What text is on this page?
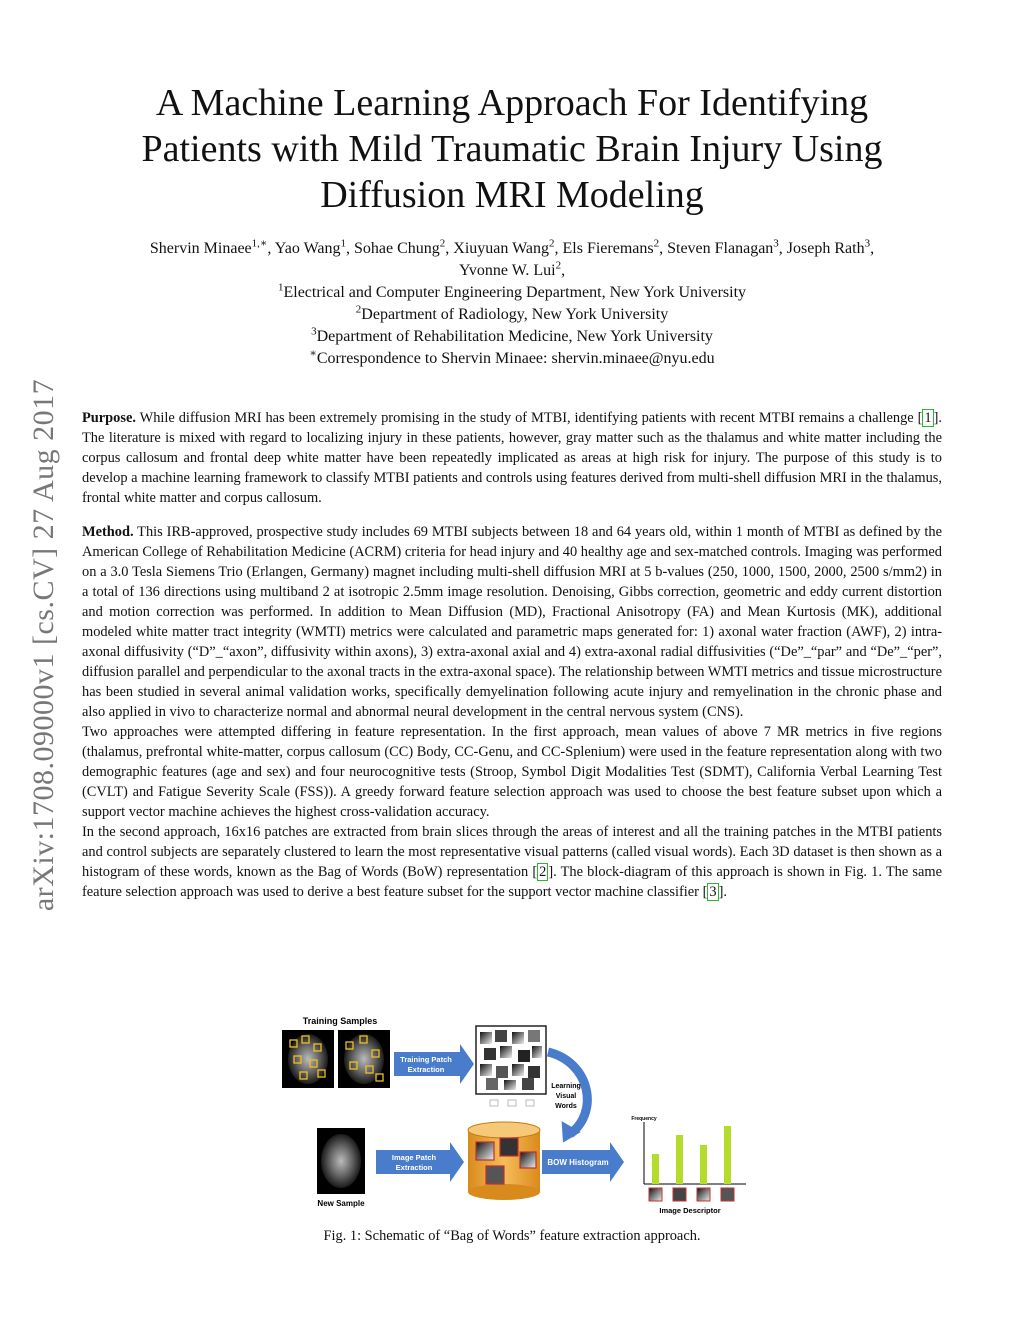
arXiv:1708.09000v1 [cs.CV] 27 Aug 2017
A Machine Learning Approach For Identifying
Patients with Mild Traumatic Brain Injury Using
Diffusion MRI Modeling
Shervin Minaee$^{1,∗}$, Yao Wang$^1$, Sohae Chung$^2$, Xiuyuan Wang$^2$, Els Fieremans$^2$, Steven Flanagan$^3$, Joseph Rath$^3$,
Yvonne W. Lui$^2$,
$^1$Electrical and Computer Engineering Department, New York University
$^2$Department of Radiology, New York University
$^3$Department of Rehabilitation Medicine, New York University
∗Correspondence to Shervin Minaee: shervin.minaee@nyu.edu

Purpose. While diffusion MRI has been extremely promising in the study of MTBI, identifying patients with recent MTBI remains a challenge [ 1 ]. The literature is mixed with regard to localizing injury in these patients, however, gray matter such as the thalamus and white matter including the corpus callosum and frontal deep white matter have been repeatedly implicated as areas at high risk for injury. The purpose of this study is to develop a machine learning framework to classify MTBI patients and controls using features derived from multi-shell diffusion MRI in the thalamus, frontal white matter and corpus callosum.

Method. This IRB-approved, prospective study includes 69 MTBI subjects between 18 and 64 years old, within 1 month of MTBI as defined by the American College of Rehabilitation Medicine (ACRM) criteria for head injury and 40 healthy age and sex-matched controls. Imaging was performed on a 3.0 Tesla Siemens Trio (Erlangen, Germany) magnet including multi-shell diffusion MRI at 5 b-values (250, 1000, 1500, 2000, 2500 s/mm2) in a total of 136 directions using multiband 2 at isotropic 2.5mm image resolution. Denoising, Gibbs correction, geometric and eddy current distortion and motion correction was performed. In addition to Mean Diffusion (MD), Fractional Anisotropy (FA) and Mean Kurtosis (MK), additional modeled white matter tract integrity (WMTI) metrics were calculated and parametric maps generated for: 1) axonal water fraction (AWF), 2) intra-axonal diffusivity (“D”_“axon”, diffusivity within axons), 3) extra-axonal axial and 4) extra-axonal radial diffusivities (“De”_“par” and “De”_“per”, diffusion parallel and perpendicular to the axonal tracts in the extra-axonal space). The relationship between WMTI metrics and tissue microstructure has been studied in several animal validation works, specifically demyelination following acute injury and remyelination in the chronic phase and also applied in vivo to characterize normal and abnormal neural development in the central nervous system (CNS).

Two approaches were attempted differing in feature representation. In the first approach, mean values of above 7 MR metrics in five regions (thalamus, prefrontal white-matter, corpus callosum (CC) Body, CC-Genu, and CC-Splenium) were used in the feature representation along with two demographic features (age and sex) and four neurocognitive tests (Stroop, Symbol Digit Modalities Test (SDMT), California Verbal Learning Test (CVLT) and Fatigue Severity Scale (FSS)). A greedy forward feature selection approach was used to choose the best feature subset upon which a support vector machine achieves the highest cross-validation accuracy.

In the second approach, 16x16 patches are extracted from brain slices through the areas of interest and all the training patches in the MTBI patients and control subjects are separately clustered to learn the most representative visual patterns (called visual words). Each 3D dataset is then shown as a histogram of these words, known as the Bag of Words (BoW) representation [ 2 ]. The block-diagram of this approach is shown in Fig. 1. The same feature selection approach was used to derive a best feature subset for the support vector machine classifier [ 3 ].

Training Samples
Training Patch
Extraction
Learning
Visual
Words
New Sample
Image Patch
Extraction
BOW Histogram
Frequency
Image Descriptor
Fig. 1: Schematic of “Bag of Words” feature extraction approach.
